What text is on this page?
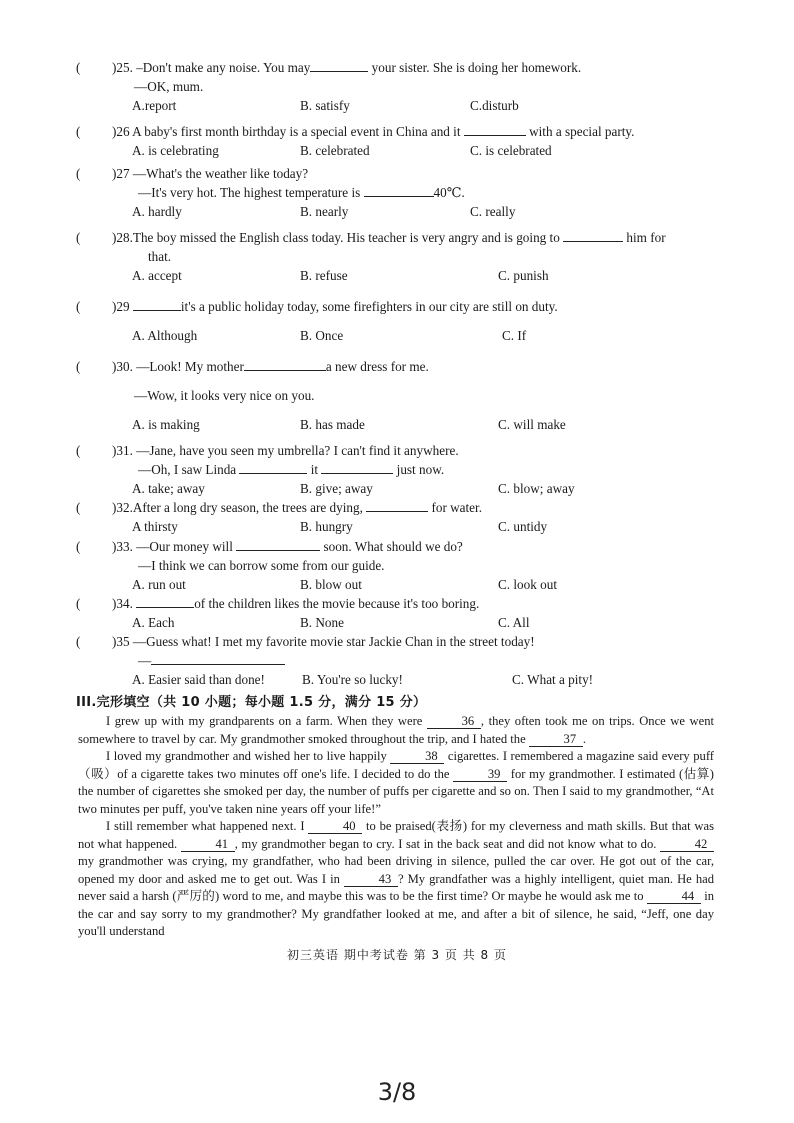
( )25. –Don't make any noise. You may	your sister. She is doing her homework.
—OK, mum.
A.report	B. satisfy	C.disturb
( )26 A baby's first month birthday is a special event in China and it	with a special party.
A. is celebrating	B. celebrated	C. is celebrated
( )27 —What's the weather like today?
—It's very hot. The highest temperature is	40℃.
A. hardly	B. nearly	C. really
( )28.The boy missed the English class today. His teacher is very angry and is going to	him for
that.
A. accept	B. refuse	C. punish
( )29	it's a public holiday today, some firefighters in our city are still on duty.
A. Although	B. Once	C. If
( )30. —Look! My mother	a new dress for me.
—Wow, it looks very nice on you.
A. is making	B. has made	C. will make
( )31. —Jane, have you seen my umbrella? I can't find it anywhere.
—Oh, I saw Linda	it	just now.
A. take; away	B. give; away	C. blow; away
( )32.After a long dry season, the trees are dying,	for water.
A thirsty	B. hungry	C. untidy
( )33. —Our money will	soon. What should we do?
—I think we can borrow some from our guide.
A. run out	B. blow out	C. look out
( )34.	of the children likes the movie because it's too boring.
A. Each	B. None	C. All
( )35 —Guess what! I met my favorite movie star Jackie Chan in the street today!
—
A. Easier said than done!	B. You're so lucky!	C. What a pity!
III.完形填空（共 10 小题；每小题 1.5 分，满分 15 分）

I grew up with my grandparents on a farm. When they were	36 , they often took me on trips. Once we went somewhere to travel by car. My grandmother smoked throughout the trip, and I hated the	37 .

I loved my grandmother and wished her to live happily	38 cigarettes. I remembered a magazine said every puff（吸）of a cigarette takes two minutes off one's life. I decided to do the	39 for my grandmother. I estimated (估算) the number of cigarettes she smoked per day, the number of puffs per cigarette and so on. Then I said to my grandmother, “At two minutes per puff, you've taken nine years off your life!”

I still remember what happened next. I	40 to be praised(表扬) for my cleverness and math skills. But that was not what happened.	41 , my grandmother began to cry. I sat in the back seat and did not know what to do.	42 my grandmother was crying, my grandfather, who had been driving in silence, pulled the car over. He got out of the car, opened my door and asked me to get out. Was I in	43 ? My grandfather was a highly intelligent, quiet man. He had never said a harsh (严厉的) word to me, and maybe this was to be the first time? Or maybe he would ask me to	44 in the car and say sorry to my grandmother? My grandfather looked at me, and after a bit of silence, he said, “Jeff, one day you'll understand

初三英语 期中考试卷 第 3 页 共 8 页
3/8
